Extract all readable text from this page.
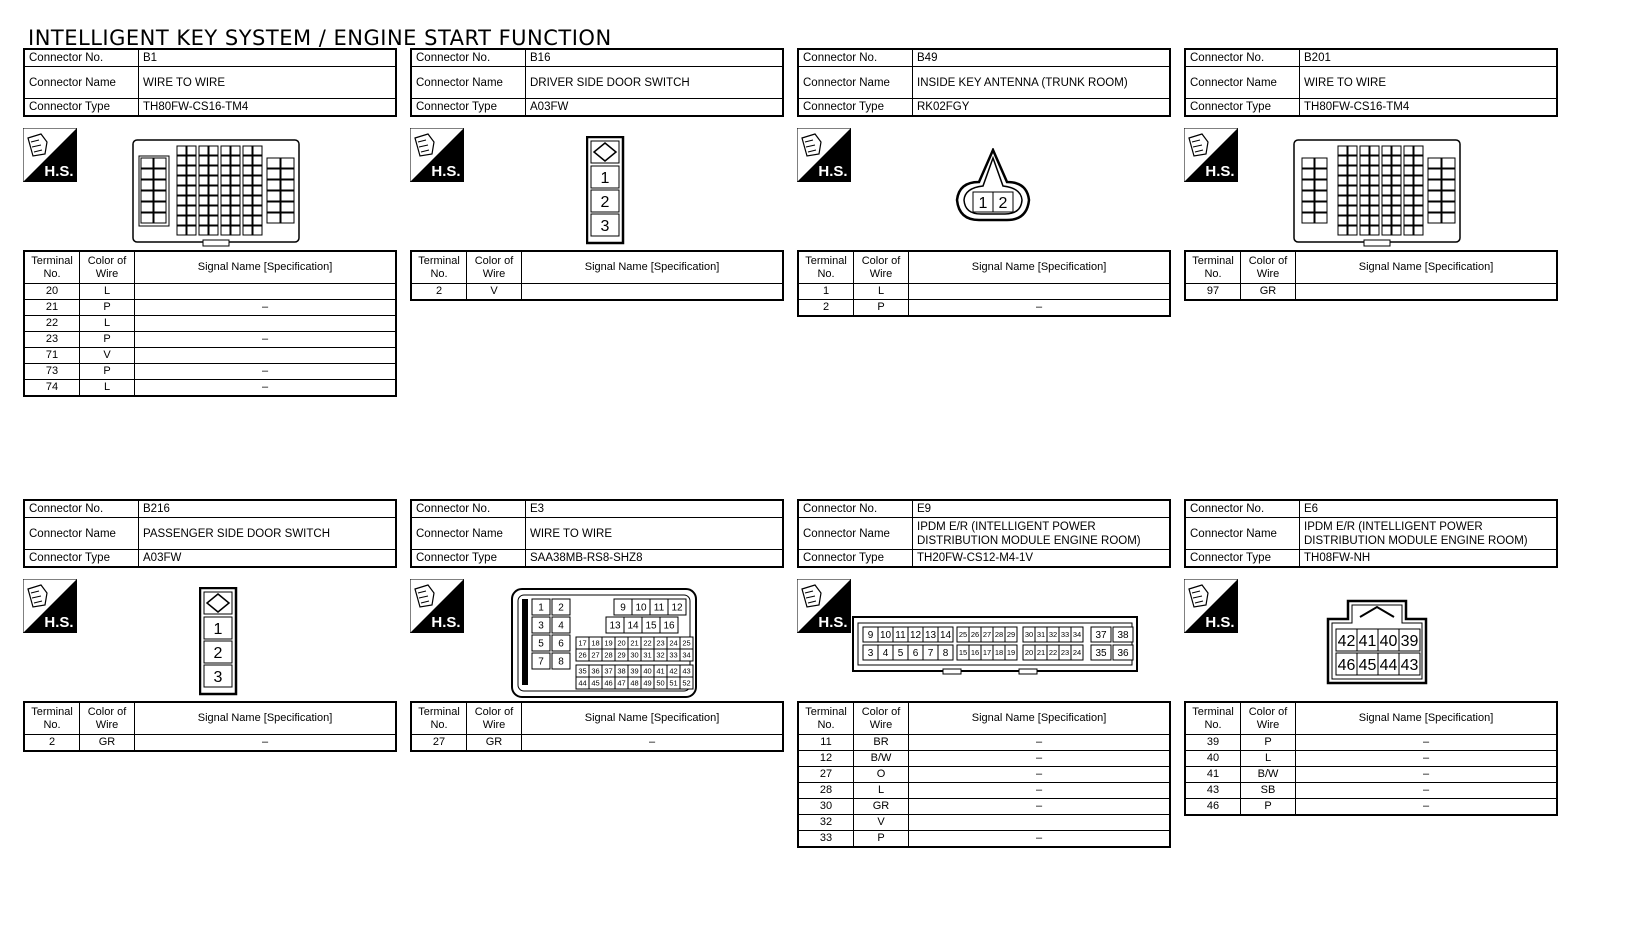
INTELLIGENT KEY SYSTEM / ENGINE START FUNCTION
Connector No.	B1
Connector Name	WIRE TO WIRE
Connector Type	TH80FW-CS16-TM4
H.S.
Terminal No.	Color of Wire	Signal Name [Specification]
20	L	
21	P	–
22	L	
23	P	–
71	V	
73	P	–
74	L	–
Connector No.	B16
Connector Name	DRIVER SIDE DOOR SWITCH
Connector Type	A03FW
H.S.	1
2
3
Terminal No.	Color of Wire	Signal Name [Specification]
2	V	
Connector No.	B49
Connector Name	INSIDE KEY ANTENNA (TRUNK ROOM)
Connector Type	RK02FGY
H.S.
1 2
Terminal No.	Color of Wire	Signal Name [Specification]
1	L	
2	P	–
Connector No.	B201
Connector Name	WIRE TO WIRE
Connector Type	TH80FW-CS16-TM4
H.S.
Terminal No.	Color of Wire	Signal Name [Specification]
97	GR	
Connector No.	B216
Connector Name	PASSENGER SIDE DOOR SWITCH
Connector Type	A03FW
H.S.	1
2
3
Terminal No.	Color of Wire	Signal Name [Specification]
2	GR	–
Connector No.	E3
Connector Name	WIRE TO WIRE
Connector Type	SAA38MB-RS8-SHZ8
H.S.
1 2
3 4
5 6
7 8
9 10 11 12
13 14 15 16
17 18 19 20 21 22 23 24 25
26 27 28 29 30 31 32 33 34
35 36 37 38 39 40 41 42 43
44 45 46 47 48 49 50 51 52
Terminal No.	Color of Wire	Signal Name [Specification]
27	GR	–
Connector No.	E9
Connector Name	IPDM E/R (INTELLIGENT POWER DISTRIBUTION MODULE ENGINE ROOM)
Connector Type	TH20FW-CS12-M4-1V
H.S.
9 10 11 12 13 14 25 26 27 28 29 30 31 32 33 34 37 38
3 4 5 6 7 8 15 16 17 18 19 20 21 22 23 24 35 36
Terminal No.	Color of Wire	Signal Name [Specification]
11	BR	–
12	B/W	–
27	O	–
28	L	–
30	GR	–
32	V	
33	P	–
Connector No.	E6
Connector Name	IPDM E/R (INTELLIGENT POWER DISTRIBUTION MODULE ENGINE ROOM)
Connector Type	TH08FW-NH
H.S.
42 41 40 39
46 45 44 43
Terminal No.	Color of Wire	Signal Name [Specification]
39	P	–
40	L	–
41	B/W	–
43	SB	–
46	P	–
